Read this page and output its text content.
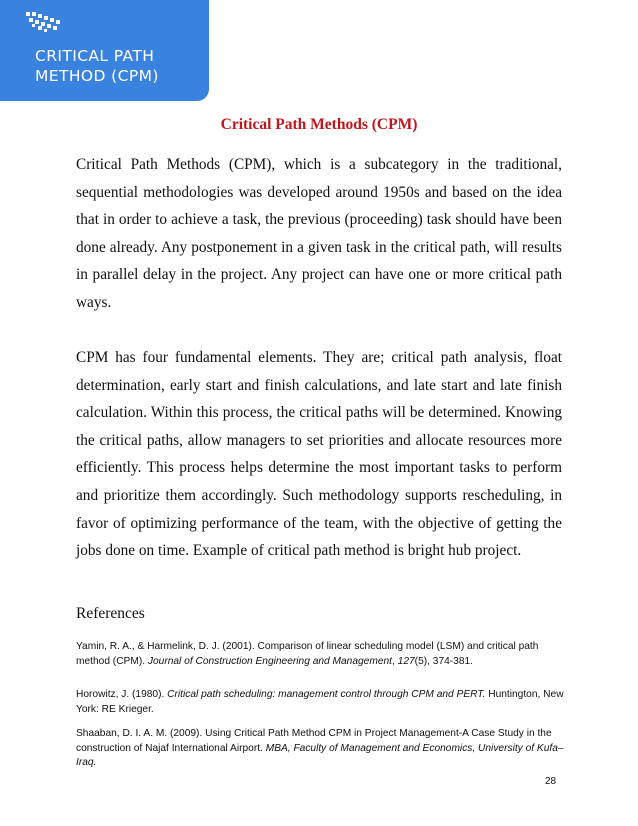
CRITICAL PATH METHOD (CPM)
Critical Path Methods (CPM)

Critical Path Methods (CPM), which is a subcategory in the traditional, sequential methodologies was developed around 1950s and based on the idea that in order to achieve a task, the previous (proceeding) task should have been done already. Any postponement in a given task in the critical path, will results in parallel delay in the project. Any project can have one or more critical path ways.

CPM has four fundamental elements. They are; critical path analysis, float determination, early start and finish calculations, and late start and late finish calculation. Within this process, the critical paths will be determined. Knowing the critical paths, allow managers to set priorities and allocate resources more efficiently. This process helps determine the most important tasks to perform and prioritize them accordingly. Such methodology supports rescheduling, in favor of optimizing performance of the team, with the objective of getting the jobs done on time. Example of critical path method is bright hub project.

References

Yamin, R. A., & Harmelink, D. J. (2001). Comparison of linear scheduling model (LSM) and critical path method (CPM). Journal of Construction Engineering and Management, 127(5), 374-381.

Horowitz, J. (1980). Critical path scheduling: management control through CPM and PERT. Huntington, New York: RE Krieger.

Shaaban, D. I. A. M. (2009). Using Critical Path Method CPM in Project Management-A Case Study in the construction of Najaf International Airport. MBA, Faculty of Management and Economics, University of Kufa–Iraq.

28
